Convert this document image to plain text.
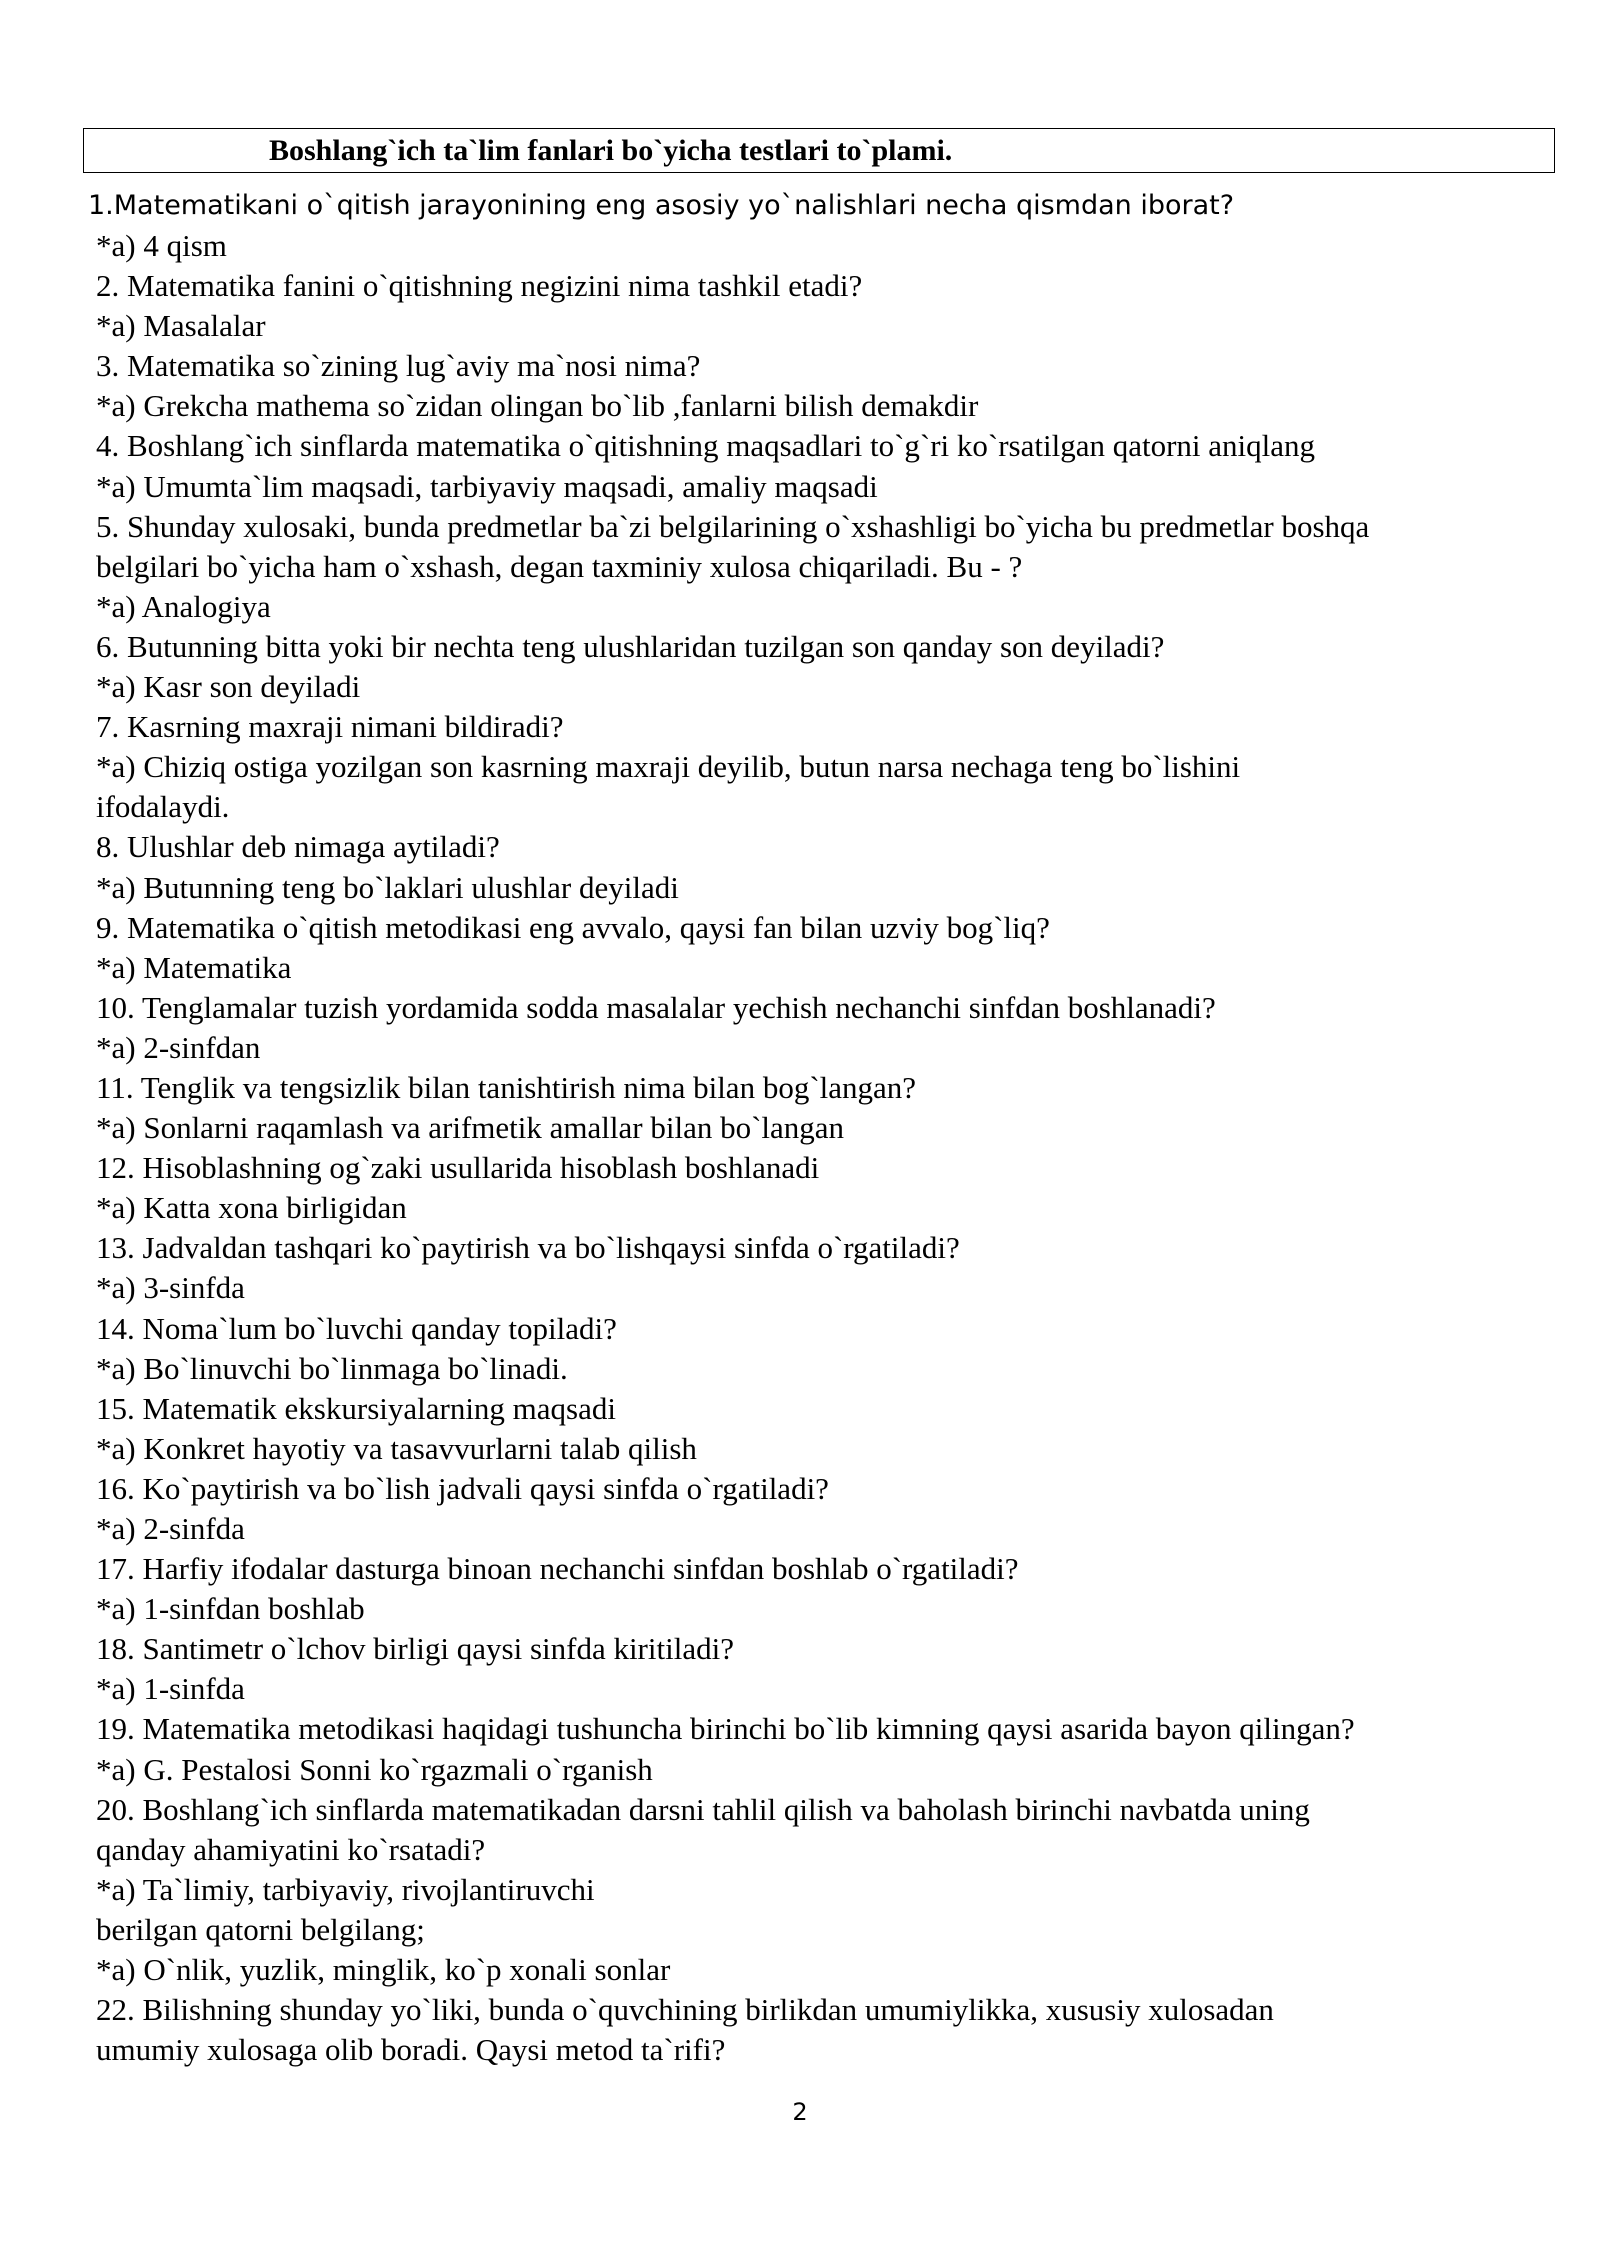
Boshlang`ich ta`lim fanlari bo`yicha testlari to`plami.
1.Matematikani o`qitish jarayonining eng asosiy yo`nalishlari necha qismdan iborat?
*a) 4 qism
2. Matematika fanini o`qitishning negizini nima tashkil etadi?
*a) Masalalar
3. Matematika so`zining lug`aviy ma`nosi nima?
*a) Grekcha mathema so`zidan olingan bo`lib ,fanlarni bilish demakdir
4. Boshlang`ich sinflarda matematika o`qitishning maqsadlari to`g`ri ko`rsatilgan qatorni aniqlang
*a) Umumta`lim maqsadi, tarbiyaviy maqsadi, amaliy maqsadi
5. Shunday xulosaki, bunda predmetlar ba`zi belgilarining o`xshashligi bo`yicha bu predmetlar boshqa
belgilari bo`yicha ham o`xshash, degan taxminiy xulosa chiqariladi. Bu - ?
*a) Analogiya
6. Butunning bitta yoki bir nechta teng ulushlaridan tuzilgan son qanday son deyiladi?
*a) Kasr son deyiladi
7. Kasrning maxraji nimani bildiradi?
*a) Chiziq ostiga yozilgan son kasrning maxraji deyilib, butun narsa nechaga teng bo`lishini
ifodalaydi.
8. Ulushlar deb nimaga aytiladi?
*a) Butunning teng bo`laklari ulushlar deyiladi
9. Matematika o`qitish metodikasi eng avvalo, qaysi fan bilan uzviy bog`liq?
*a) Matematika
10. Tenglamalar tuzish yordamida sodda masalalar yechish nechanchi sinfdan boshlanadi?
*a) 2-sinfdan
11. Tenglik va tengsizlik bilan tanishtirish nima bilan bog`langan?
*a) Sonlarni raqamlash va arifmetik amallar bilan bo`langan
12. Hisoblashning og`zaki usullarida hisoblash boshlanadi
*a) Katta xona birligidan
13. Jadvaldan tashqari ko`paytirish va bo`lishqaysi sinfda o`rgatiladi?
*a) 3-sinfda
14. Noma`lum bo`luvchi qanday topiladi?
*a) Bo`linuvchi bo`linmaga bo`linadi.
15. Matematik ekskursiyalarning maqsadi
*a) Konkret hayotiy va tasavvurlarni talab qilish
16. Ko`paytirish va bo`lish jadvali qaysi sinfda o`rgatiladi?
*a) 2-sinfda
17. Harfiy ifodalar dasturga binoan nechanchi sinfdan boshlab o`rgatiladi?
*a) 1-sinfdan boshlab
18. Santimetr o`lchov birligi qaysi sinfda kiritiladi?
*a) 1-sinfda
19. Matematika metodikasi haqidagi tushuncha birinchi bo`lib kimning qaysi asarida bayon qilingan?
*a) G. Pestalosi Sonni ko`rgazmali o`rganish
20. Boshlang`ich sinflarda matematikadan darsni tahlil qilish va baholash birinchi navbatda uning
qanday ahamiyatini ko`rsatadi?
*a) Ta`limiy, tarbiyaviy, rivojlantiruvchi
berilgan qatorni belgilang;
*a) O`nlik, yuzlik, minglik, ko`p xonali sonlar
22. Bilishning shunday yo`liki, bunda o`quvchining birlikdan umumiylikka, xususiy xulosadan
umumiy xulosaga olib boradi. Qaysi metod ta`rifi?
2
